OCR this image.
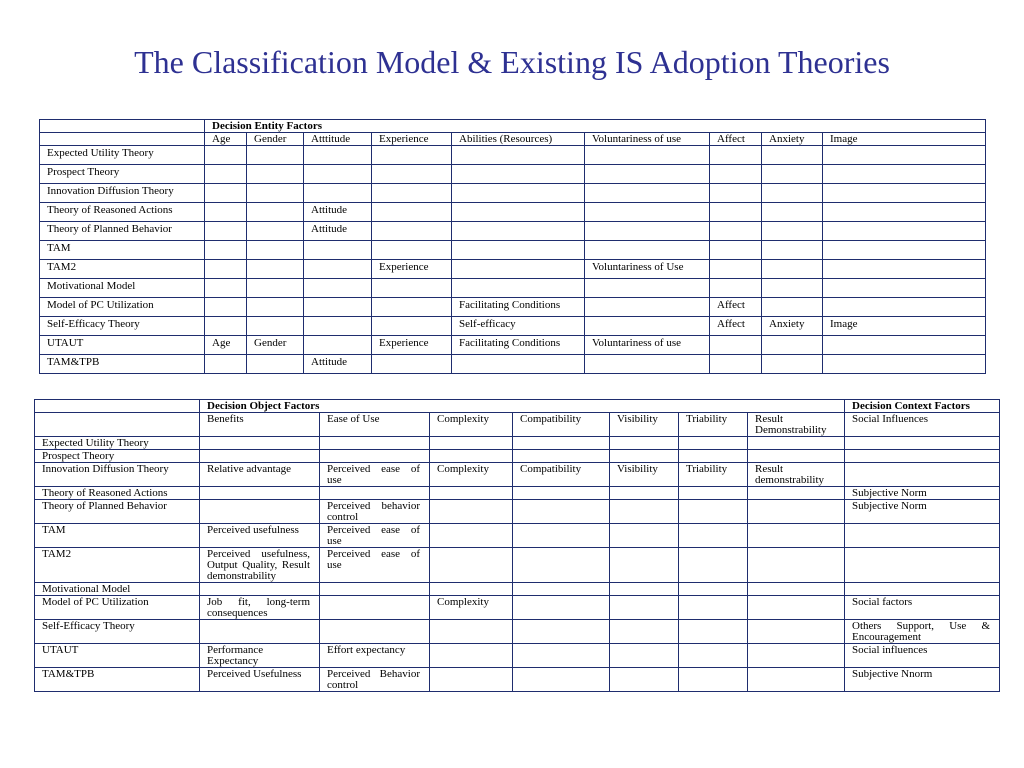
The Classification Model & Existing IS Adoption Theories
	Decision Entity Factors									
	Age	Gender	Atttitude	Experience	Abilities (Resources)	Voluntariness of use	Affect	Anxiety	Image	
Expected Utility Theory										
Prospect Theory										
Innovation Diffusion Theory										
Theory of Reasoned Actions			Attitude							
Theory of Planned Behavior			Attitude							
TAM										
TAM2				Experience		Voluntariness of Use				
Motivational Model										
Model of PC Utilization					Facilitating Conditions		Affect			
Self-Efficacy Theory					Self-efficacy		Affect	Anxiety	Image	
UTAUT	Age	Gender		Experience	Facilitating Conditions	Voluntariness of use				
TAM&TPB			Attitude							
	Decision Object Factors							Decision Context Factors
	Benefits	Ease of Use	Complexity	Compatibility	Visibility	Triability	Result Demonstrability	Social Influences
Expected Utility Theory								
Prospect Theory								
Innovation Diffusion Theory	Relative advantage	Perceived ease of use	Complexity	Compatibility	Visibility	Triability	Result demonstrability	
Theory of Reasoned Actions								Subjective Norm
Theory of Planned Behavior		Perceived behavior control						Subjective Norm
TAM	Perceived usefulness	Perceived ease of use						
TAM2	Perceived usefulness, Output Quality, Result demonstrability	Perceived ease of use						
Motivational Model								
Model of PC Utilization	Job fit, long-term consequences		Complexity					Social factors
Self-Efficacy Theory								Others Support, Use & Encouragement
UTAUT	Performance Expectancy	Effort expectancy						Social influences
TAM&TPB	Perceived Usefulness	Perceived Behavior control						Subjective Nnorm
